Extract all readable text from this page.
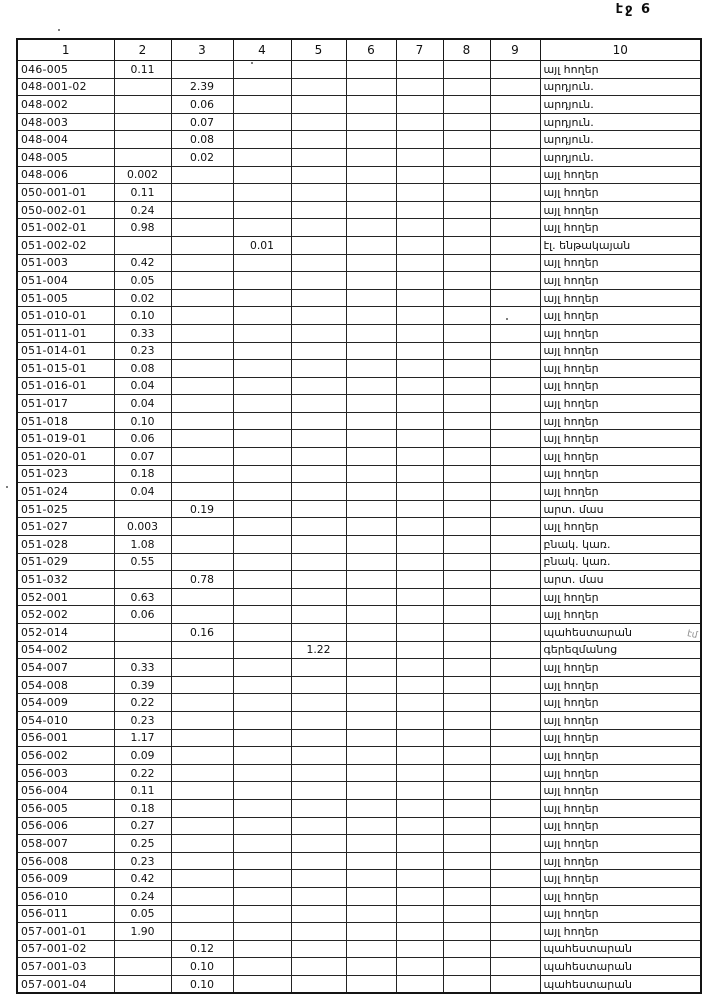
էջ 6
1	2	3	4	5	6	7	8	9	10
046-005	0.11								այլ հողեր
048-001-02		2.39							արդյուն.
048-002		0.06							արդյուն.
048-003		0.07							արդյուն.
048-004		0.08							արդյուն.
048-005		0.02							արդյուն.
048-006	0.002								այլ հողեր
050-001-01	0.11								այլ հողեր
050-002-01	0.24								այլ հողեր
051-002-01	0.98								այլ հողեր
051-002-02			0.01						էլ. ենթակայան
051-003	0.42								այլ հողեր
051-004	0.05								այլ հողեր
051-005	0.02								այլ հողեր
051-010-01	0.10								այլ հողեր
051-011-01	0.33								այլ հողեր
051-014-01	0.23								այլ հողեր
051-015-01	0.08								այլ հողեր
051-016-01	0.04								այլ հողեր
051-017	0.04								այլ հողեր
051-018	0.10								այլ հողեր
051-019-01	0.06								այլ հողեր
051-020-01	0.07								այլ հողեր
051-023	0.18								այլ հողեր
051-024	0.04								այլ հողեր
051-025		0.19							արտ. մաս
051-027	0.003								այլ հողեր
051-028	1.08								բնակ. կառ.
051-029	0.55								բնակ. կառ.
051-032		0.78							արտ. մաս
052-001	0.63								այլ հողեր
052-002	0.06								այլ հողեր
052-014		0.16							պահեստարան
054-002				1.22					գերեզմանոց
054-007	0.33								այլ հողեր
054-008	0.39								այլ հողեր
054-009	0.22								այլ հողեր
054-010	0.23								այլ հողեր
056-001	1.17								այլ հողեր
056-002	0.09								այլ հողեր
056-003	0.22								այլ հողեր
056-004	0.11								այլ հողեր
056-005	0.18								այլ հողեր
056-006	0.27								այլ հողեր
058-007	0.25								այլ հողեր
056-008	0.23								այլ հողեր
056-009	0.42								այլ հողեր
056-010	0.24								այլ հողեր
056-011	0.05								այլ հողեր
057-001-01	1.90								այլ հողեր
057-001-02		0.12							պահեստարան
057-001-03		0.10							պահեստարան
057-001-04		0.10							պահեստարան
էմ
